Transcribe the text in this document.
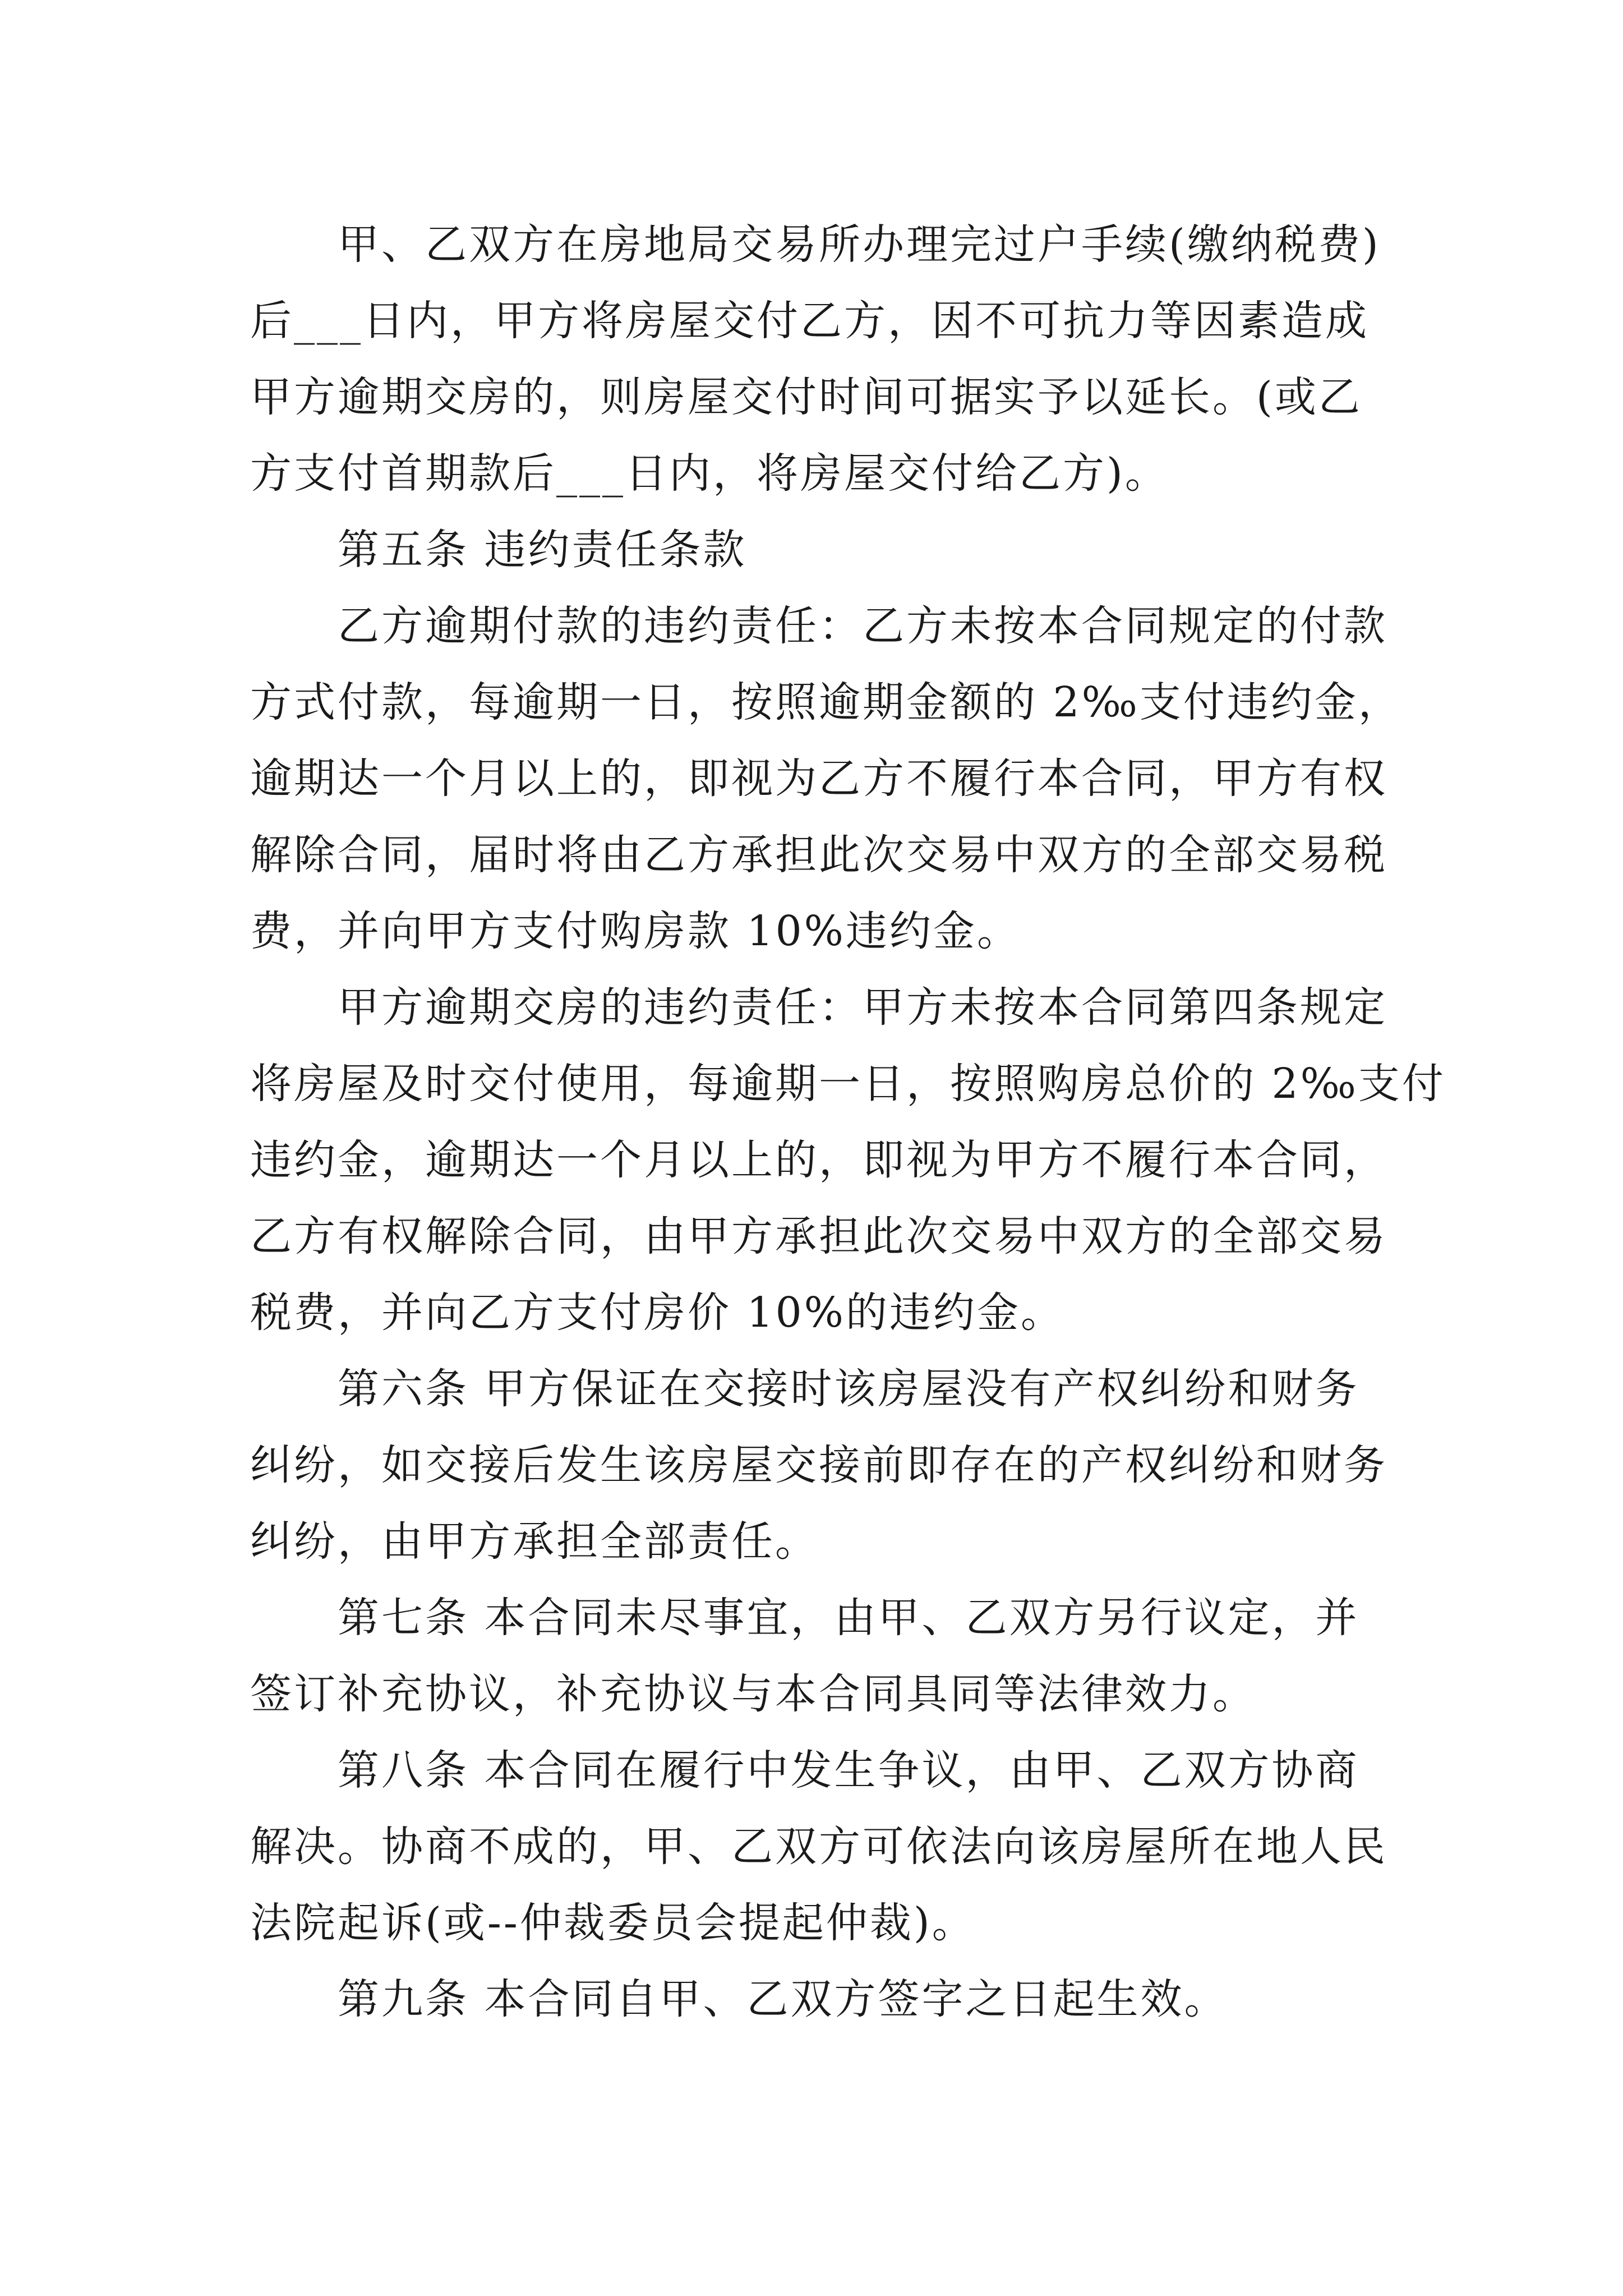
甲、乙双方在房地局交易所办理完过户手续(缴纳税费)
后___日内，甲方将房屋交付乙方，因不可抗力等因素造成
甲方逾期交房的，则房屋交付时间可据实予以延长。(或乙
方支付首期款后___日内，将房屋交付给乙方)。

第五条 违约责任条款

乙方逾期付款的违约责任：乙方未按本合同规定的付款
方式付款，每逾期一日，按照逾期金额的 2‰支付违约金，
逾期达一个月以上的，即视为乙方不履行本合同，甲方有权
解除合同，届时将由乙方承担此次交易中双方的全部交易税
费，并向甲方支付购房款 10%违约金。

甲方逾期交房的违约责任：甲方未按本合同第四条规定
将房屋及时交付使用，每逾期一日，按照购房总价的 2‰支付
违约金，逾期达一个月以上的，即视为甲方不履行本合同，
乙方有权解除合同，由甲方承担此次交易中双方的全部交易
税费，并向乙方支付房价 10%的违约金。

第六条 甲方保证在交接时该房屋没有产权纠纷和财务
纠纷，如交接后发生该房屋交接前即存在的产权纠纷和财务
纠纷，由甲方承担全部责任。

第七条 本合同未尽事宜，由甲、乙双方另行议定，并
签订补充协议，补充协议与本合同具同等法律效力。

第八条 本合同在履行中发生争议，由甲、乙双方协商
解决。协商不成的，甲、乙双方可依法向该房屋所在地人民
法院起诉(或--仲裁委员会提起仲裁)。

第九条 本合同自甲、乙双方签字之日起生效。
